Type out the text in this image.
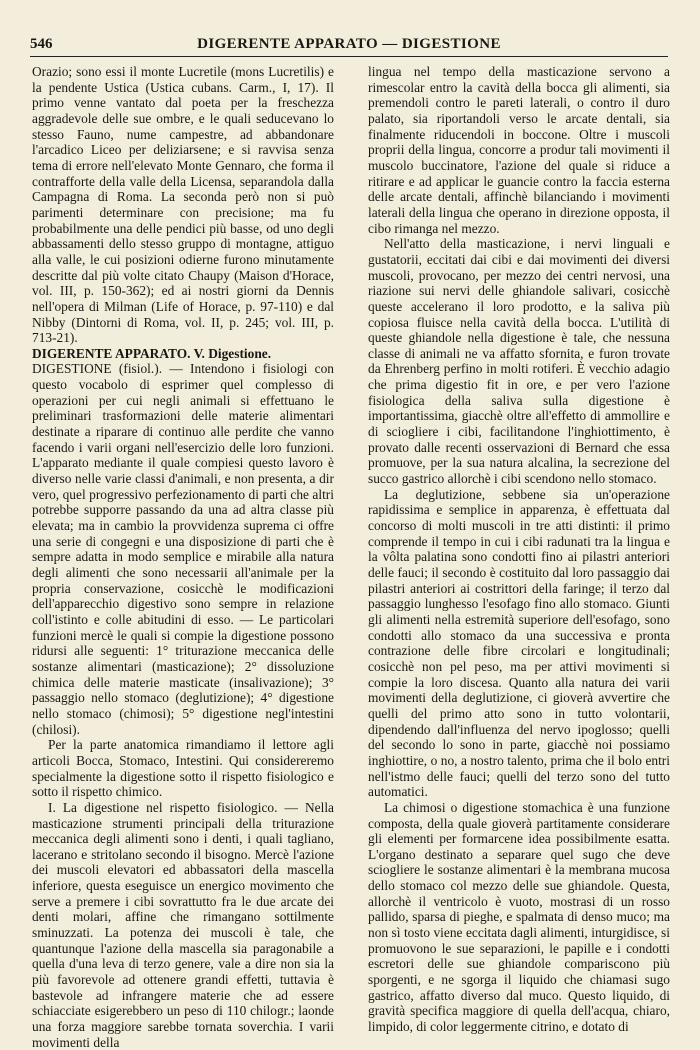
546	DIGERENTE APPARATO — DIGESTIONE

Orazio; sono essi il monte Lucretile (mons Lucretilis) e la pendente Ustica (Ustica cubans. Carm., I, 17). Il primo venne vantato dal poeta per la freschezza aggradevole delle sue ombre, e le quali seducevano lo stesso Fauno, nume campestre, ad abbandonare l'arcadico Liceo per deliziarsene; e si ravvisa senza tema di errore nell'elevato Monte Gennaro, che forma il contrafforte della valle della Licensa, separandola dalla Campagna di Roma. La seconda però non si può parimenti determinare con precisione; ma fu probabilmente una delle pendici più basse, od uno degli abbassamenti dello stesso gruppo di montagne, attiguo alla valle, le cui posizioni odierne furono minutamente descritte dal più volte citato Chaupy (Maison d'Horace, vol. III, p. 150-362); ed ai nostri giorni da Dennis nell'opera di Milman (Life of Horace, p. 97-110) e dal Nibby (Dintorni di Roma, vol. II, p. 245; vol. III, p. 713-21).

DIGERENTE APPARATO. V. Digestione.

DIGESTIONE (fisiol.). — Intendono i fisiologi con questo vocabolo di esprimer quel complesso di operazioni per cui negli animali si effettuano le preliminari trasformazioni delle materie alimentari destinate a riparare di continuo alle perdite che vanno facendo i varii organi nell'esercizio delle loro funzioni. L'apparato mediante il quale compiesi questo lavoro è diverso nelle varie classi d'animali, e non presenta, a dir vero, quel progressivo perfezionamento di parti che altri potrebbe supporre passando da una ad altra classe più elevata; ma in cambio la provvidenza suprema ci offre una serie di congegni e una disposizione di parti che è sempre adatta in modo semplice e mirabile alla natura degli alimenti che sono necessarii all'animale per la propria conservazione, cosicchè le modificazioni dell'apparecchio digestivo sono sempre in relazione coll'istinto e colle abitudini di esso. — Le particolari funzioni mercè le quali si compie la digestione possono ridursi alle seguenti: 1° triturazione meccanica delle sostanze alimentari (masticazione); 2° dissoluzione chimica delle materie masticate (insalivazione); 3° passaggio nello stomaco (deglutizione); 4° digestione nello stomaco (chimosi); 5° digestione negl'intestini (chilosi).

Per la parte anatomica rimandiamo il lettore agli articoli Bocca, Stomaco, Intestini. Qui considereremo specialmente la digestione sotto il rispetto fisiologico e sotto il rispetto chimico.

I. La digestione nel rispetto fisiologico. — Nella masticazione strumenti principali della triturazione meccanica degli alimenti sono i denti, i quali tagliano, lacerano e stritolano secondo il bisogno. Mercè l'azione dei muscoli elevatori ed abbassatori della mascella inferiore, questa eseguisce un energico movimento che serve a premere i cibi sovrattutto fra le due arcate dei denti molari, affine che rimangano sottilmente sminuzzati. La potenza dei muscoli è tale, che quantunque l'azione della mascella sia paragonabile a quella d'una leva di terzo genere, vale a dire non sia la più favorevole ad ottenere grandi effetti, tuttavia è bastevole ad infrangere materie che ad essere schiacciate esigerebbero un peso di 110 chilogr.; laonde una forza maggiore sarebbe tornata soverchia. I varii movimenti della

lingua nel tempo della masticazione servono a rimescolar entro la cavità della bocca gli alimenti, sia premendoli contro le pareti laterali, o contro il duro palato, sia riportandoli verso le arcate dentali, sia finalmente riducendoli in boccone. Oltre i muscoli proprii della lingua, concorre a produr tali movimenti il muscolo buccinatore, l'azione del quale si riduce a ritirare e ad applicar le guancie contro la faccia esterna delle arcate dentali, affinchè bilanciando i movimenti laterali della lingua che operano in direzione opposta, il cibo rimanga nel mezzo.

Nell'atto della masticazione, i nervi linguali e gustatorii, eccitati dai cibi e dai movimenti dei diversi muscoli, provocano, per mezzo dei centri nervosi, una riazione sui nervi delle ghiandole salivari, cosicchè queste accelerano il loro prodotto, e la saliva più copiosa fluisce nella cavità della bocca. L'utilità di queste ghiandole nella digestione è tale, che nessuna classe di animali ne va affatto sfornita, e furon trovate da Ehrenberg perfino in molti rotiferi. È vecchio adagio che prima digestio fit in ore, e per vero l'azione fisiologica della saliva sulla digestione è importantissima, giacchè oltre all'effetto di ammollire e di sciogliere i cibi, facilitandone l'inghiottimento, è provato dalle recenti osservazioni di Bernard che essa promuove, per la sua natura alcalina, la secrezione del succo gastrico allorchè i cibi scendono nello stomaco.

La deglutizione, sebbene sia un'operazione rapidissima e semplice in apparenza, è effettuata dal concorso di molti muscoli in tre atti distinti: il primo comprende il tempo in cui i cibi radunati tra la lingua e la vôlta palatina sono condotti fino ai pilastri anteriori delle fauci; il secondo è costituito dal loro passaggio dai pilastri anteriori ai costrittori della faringe; il terzo dal passaggio lunghesso l'esofago fino allo stomaco. Giunti gli alimenti nella estremità superiore dell'esofago, sono condotti allo stomaco da una successiva e pronta contrazione delle fibre circolari e longitudinali; cosicchè non pel peso, ma per attivi movimenti si compie la loro discesa. Quanto alla natura dei varii movimenti della deglutizione, ci gioverà avvertire che quelli del primo atto sono in tutto volontarii, dipendendo dall'influenza del nervo ipoglosso; quelli del secondo lo sono in parte, giacchè noi possiamo inghiottire, o no, a nostro talento, prima che il bolo entri nell'istmo delle fauci; quelli del terzo sono del tutto automatici.

La chimosi o digestione stomachica è una funzione composta, della quale gioverà partitamente considerare gli elementi per formarcene idea possibilmente esatta. L'organo destinato a separare quel sugo che deve sciogliere le sostanze alimentari è la membrana mucosa dello stomaco col mezzo delle sue ghiandole. Questa, allorchè il ventricolo è vuoto, mostrasi di un rosso pallido, sparsa di pieghe, e spalmata di denso muco; ma non sì tosto viene eccitata dagli alimenti, inturgidisce, si promuovono le sue separazioni, le papille e i condotti escretori delle sue ghiandole compariscono più sporgenti, e ne sgorga il liquido che chiamasi sugo gastrico, affatto diverso dal muco. Questo liquido, di gravità specifica maggiore di quella dell'acqua, chiaro, limpido, di color leggermente citrino, e dotato di
